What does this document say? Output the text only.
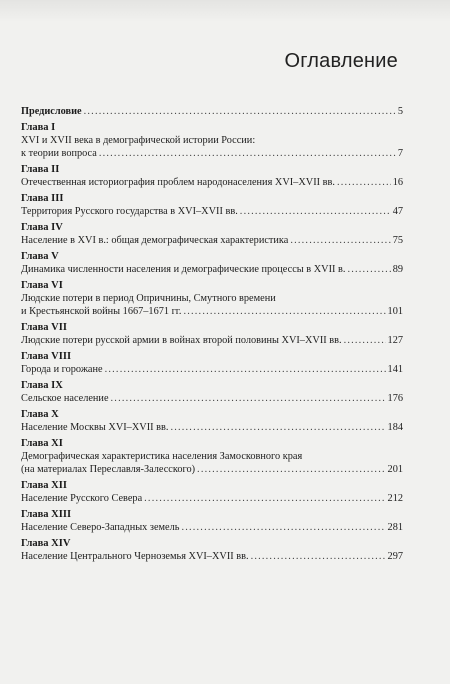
Оглавление
Предисловие .....	5
Глава I
XVI и XVII века в демографической истории России:
к теории вопроса .....	7
Глава II
Отечественная историография проблем народонаселения XVI–XVII вв. .....	16
Глава III
Территория Русского государства в XVI–XVII вв. .....	47
Глава IV
Население в XVI в.: общая демографическая характеристика .....	75
Глава V
Динамика численности населения и демографические процессы в XVII в. .....	89
Глава VI
Людские потери в период Опричнины, Смутного времени
и Крестьянской войны 1667–1671 гг. .....	101
Глава VII
Людские потери русской армии в войнах второй половины XVI–XVII вв. .....	127
Глава VIII
Города и горожане .....	141
Глава IX
Сельское население .....	176
Глава X
Население Москвы XVI–XVII вв. .....	184
Глава XI
Демографическая характеристика населения Замосковного края
(на материалах Переславля-Залесского) .....	201
Глава XII
Население Русского Севера .....	212
Глава XIII
Население Северо-Западных земель .....	281
Глава XIV
Население Центрального Черноземья XVI–XVII вв. .....	297
